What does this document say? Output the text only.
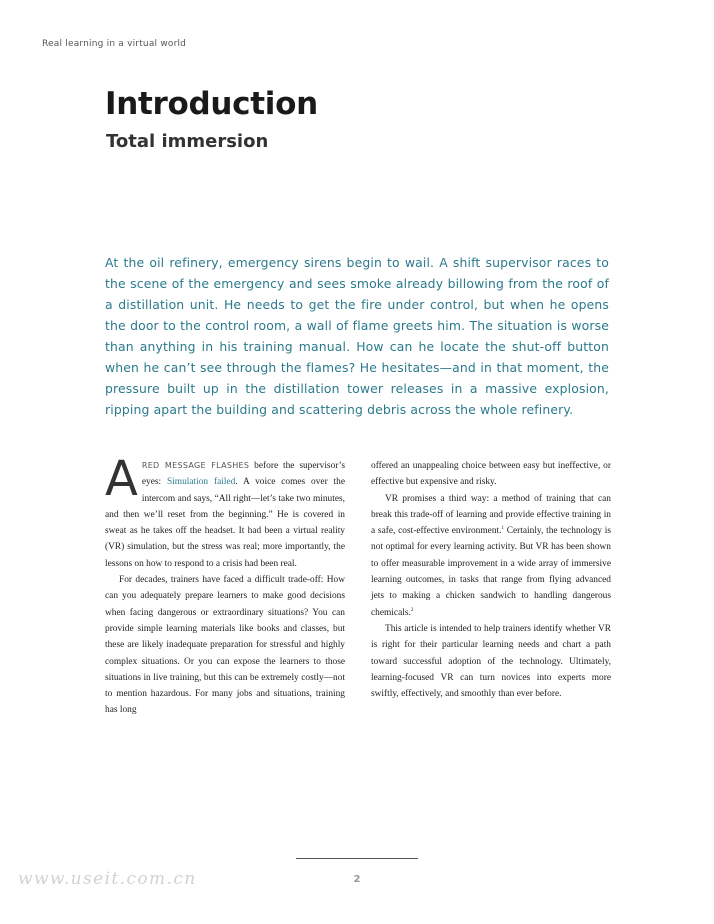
Real learning in a virtual world
Introduction
Total immersion

At the oil refinery, emergency sirens begin to wail. A shift supervisor races to the scene of the emergency and sees smoke already billowing from the roof of a distillation unit. He needs to get the fire under control, but when he opens the door to the control room, a wall of flame greets him. The situation is worse than anything in his training manual. How can he locate the shut-off button when he can’t see through the flames? He hesitates—and in that moment, the pressure built up in the distillation tower releases in a massive explosion, ripping apart the building and scattering debris across the whole refinery.

ARED MESSAGE FLASHES before the supervisor’s eyes: Simulation failed. A voice comes over the intercom and says, “All right—let’s take two minutes, and then we’ll reset from the beginning.” He is covered in sweat as he takes off the headset. It had been a virtual reality (VR) simulation, but the stress was real; more importantly, the lessons on how to respond to a crisis had been real.

For decades, trainers have faced a difficult trade-off: How can you adequately prepare learners to make good decisions when facing dangerous or extraordinary situations? You can provide simple learning materials like books and classes, but these are likely inadequate preparation for stressful and highly complex situations. Or you can expose the learners to those situations in live training, but this can be extremely costly—not to mention hazardous. For many jobs and situations, training has long

offered an unappealing choice between easy but ineffective, or effective but expensive and risky.

VR promises a third way: a method of training that can break this trade-off of learning and provide effective training in a safe, cost-effective environment.$^1$ Certainly, the technology is not optimal for every learning activity. But VR has been shown to offer measurable improvement in a wide array of immersive learning outcomes, in tasks that range from flying advanced jets to making a chicken sandwich to handling dangerous chemicals.$^2$

This article is intended to help trainers identify whether VR is right for their particular learning needs and chart a path toward successful adoption of the technology. Ultimately, learning-focused VR can turn novices into experts more swiftly, effectively, and smoothly than ever before.

2
www.useit.com.cn
